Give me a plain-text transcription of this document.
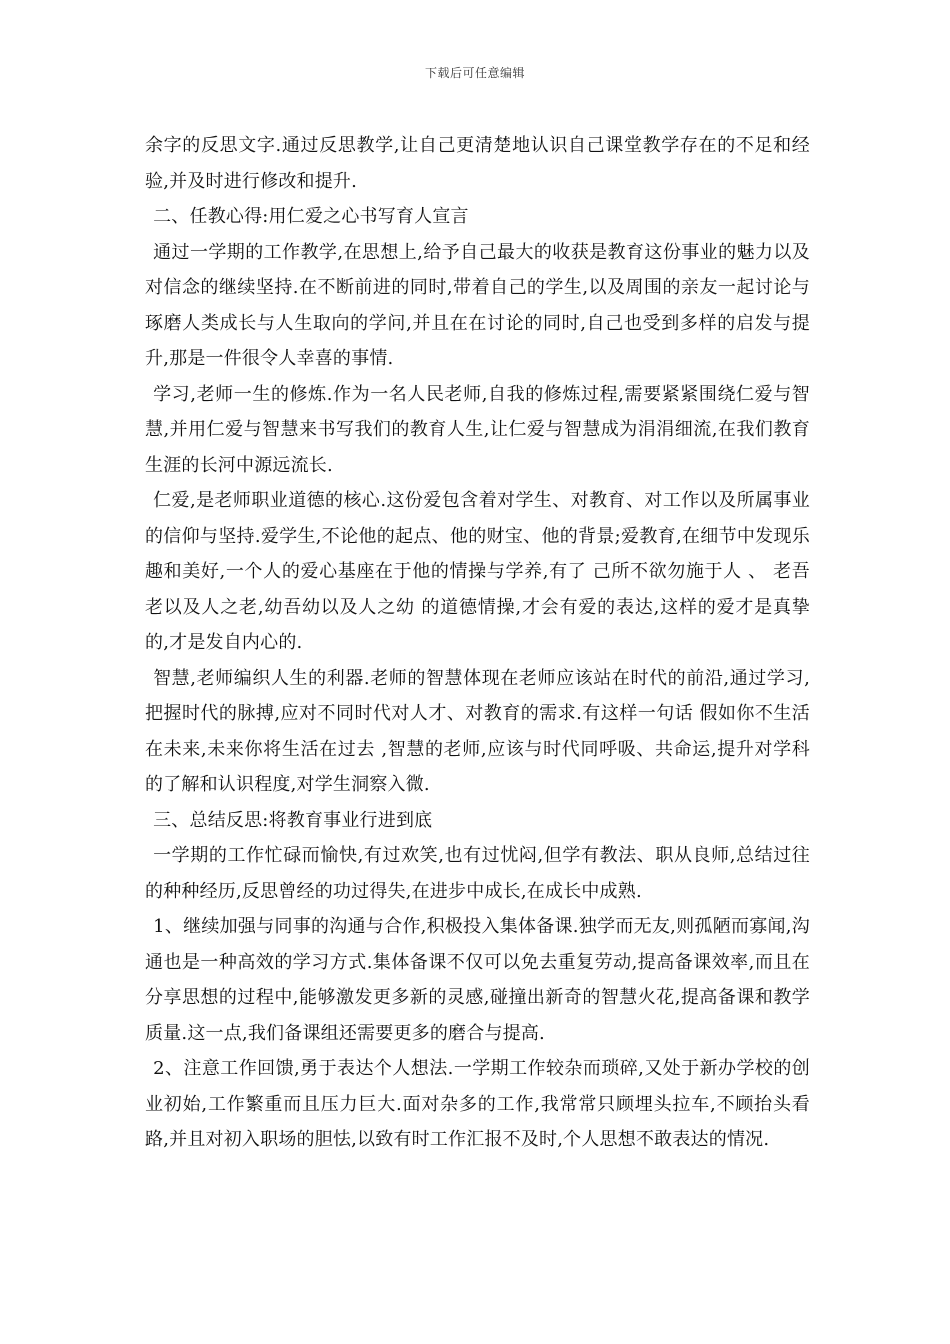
下载后可任意编辑

余字的反思文字.通过反思教学,让自己更清楚地认识自己课堂教学存在的不足和经验,并及时进行修改和提升.

二、任教心得:用仁爱之心书写育人宣言

通过一学期的工作教学,在思想上,给予自己最大的收获是教育这份事业的魅力以及对信念的继续坚持.在不断前进的同时,带着自己的学生,以及周围的亲友一起讨论与琢磨人类成长与人生取向的学问,并且在在讨论的同时,自己也受到多样的启发与提升,那是一件很令人幸喜的事情.

学习,老师一生的修炼.作为一名人民老师,自我的修炼过程,需要紧紧围绕仁爱与智慧,并用仁爱与智慧来书写我们的教育人生,让仁爱与智慧成为涓涓细流,在我们教育生涯的长河中源远流长.

仁爱,是老师职业道德的核心.这份爱包含着对学生、对教育、对工作以及所属事业的信仰与坚持.爱学生,不论他的起点、他的财宝、他的背景;爱教育,在细节中发现乐趣和美好,一个人的爱心基座在于他的情操与学养,有了 己所不欲勿施于人 、 老吾老以及人之老,幼吾幼以及人之幼 的道德情操,才会有爱的表达,这样的爱才是真挚的,才是发自内心的.

智慧,老师编织人生的利器.老师的智慧体现在老师应该站在时代的前沿,通过学习,把握时代的脉搏,应对不同时代对人才、对教育的需求.有这样一句话 假如你不生活在未来,未来你将生活在过去 ,智慧的老师,应该与时代同呼吸、共命运,提升对学科的了解和认识程度,对学生洞察入微.

三、总结反思:将教育事业行进到底

一学期的工作忙碌而愉快,有过欢笑,也有过忧闷,但学有教法、职从良师,总结过往的种种经历,反思曾经的功过得失,在进步中成长,在成长中成熟.

1、继续加强与同事的沟通与合作,积极投入集体备课.独学而无友,则孤陋而寡闻,沟通也是一种高效的学习方式.集体备课不仅可以免去重复劳动,提高备课效率,而且在分享思想的过程中,能够激发更多新的灵感,碰撞出新奇的智慧火花,提高备课和教学质量.这一点,我们备课组还需要更多的磨合与提高.

2、注意工作回馈,勇于表达个人想法.一学期工作较杂而琐碎,又处于新办学校的创业初始,工作繁重而且压力巨大.面对杂多的工作,我常常只顾埋头拉车,不顾抬头看路,并且对初入职场的胆怯,以致有时工作汇报不及时,个人思想不敢表达的情况.
